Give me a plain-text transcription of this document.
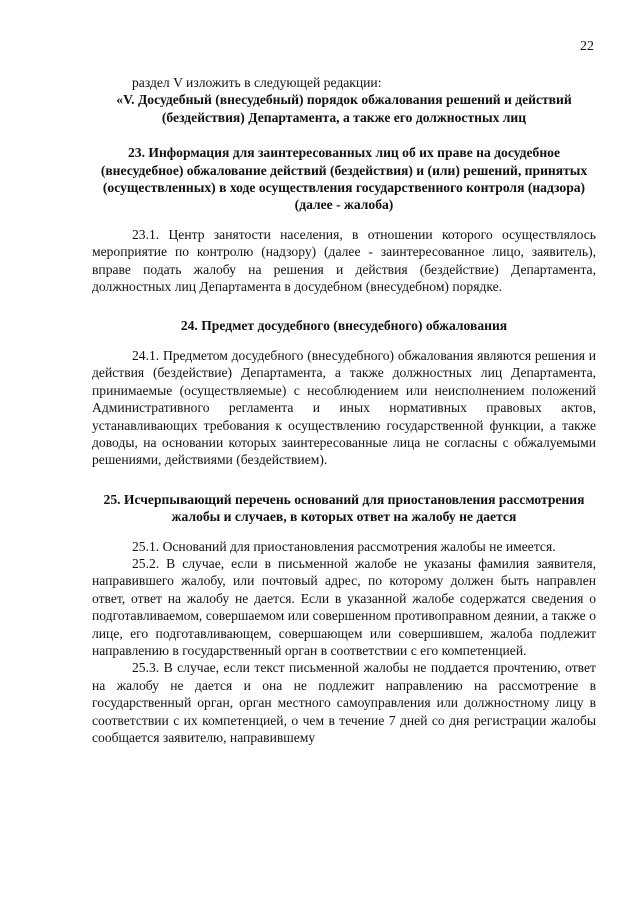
22

раздел V изложить в следующей редакции:

«V. Досудебный (внесудебный) порядок обжалования решений и действий (бездействия) Департамента, а также его должностных лиц

23. Информация для заинтересованных лиц об их праве на досудебное (внесудебное) обжалование действий (бездействия) и (или) решений, принятых (осуществленных) в ходе осуществления государственного контроля (надзора) (далее - жалоба)

23.1. Центр занятости населения, в отношении которого осуществлялось мероприятие по контролю (надзору) (далее - заинтересованное лицо, заявитель), вправе подать жалобу на решения и действия (бездействие) Департамента, должностных лиц Департамента в досудебном (внесудебном) порядке.

24. Предмет досудебного (внесудебного) обжалования

24.1. Предметом досудебного (внесудебного) обжалования являются решения и действия (бездействие) Департамента, а также должностных лиц Департамента, принимаемые (осуществляемые) с несоблюдением или неисполнением положений Административного регламента и иных нормативных правовых актов, устанавливающих требования к осуществлению государственной функции, а также доводы, на основании которых заинтересованные лица не согласны с обжалуемыми решениями, действиями (бездействием).

25. Исчерпывающий перечень оснований для приостановления рассмотрения жалобы и случаев, в которых ответ на жалобу не дается

25.1. Оснований для приостановления рассмотрения жалобы не имеется.

25.2. В случае, если в письменной жалобе не указаны фамилия заявителя, направившего жалобу, или почтовый адрес, по которому должен быть направлен ответ, ответ на жалобу не дается. Если в указанной жалобе содержатся сведения о подготавливаемом, совершаемом или совершенном противоправном деянии, а также о лице, его подготавливающем, совершающем или совершившем, жалоба подлежит направлению в государственный орган в соответствии с его компетенцией.

25.3. В случае, если текст письменной жалобы не поддается прочтению, ответ на жалобу не дается и она не подлежит направлению на рассмотрение в государственный орган, орган местного самоуправления или должностному лицу в соответствии с их компетенцией, о чем в течение 7 дней со дня регистрации жалобы сообщается заявителю, направившему
